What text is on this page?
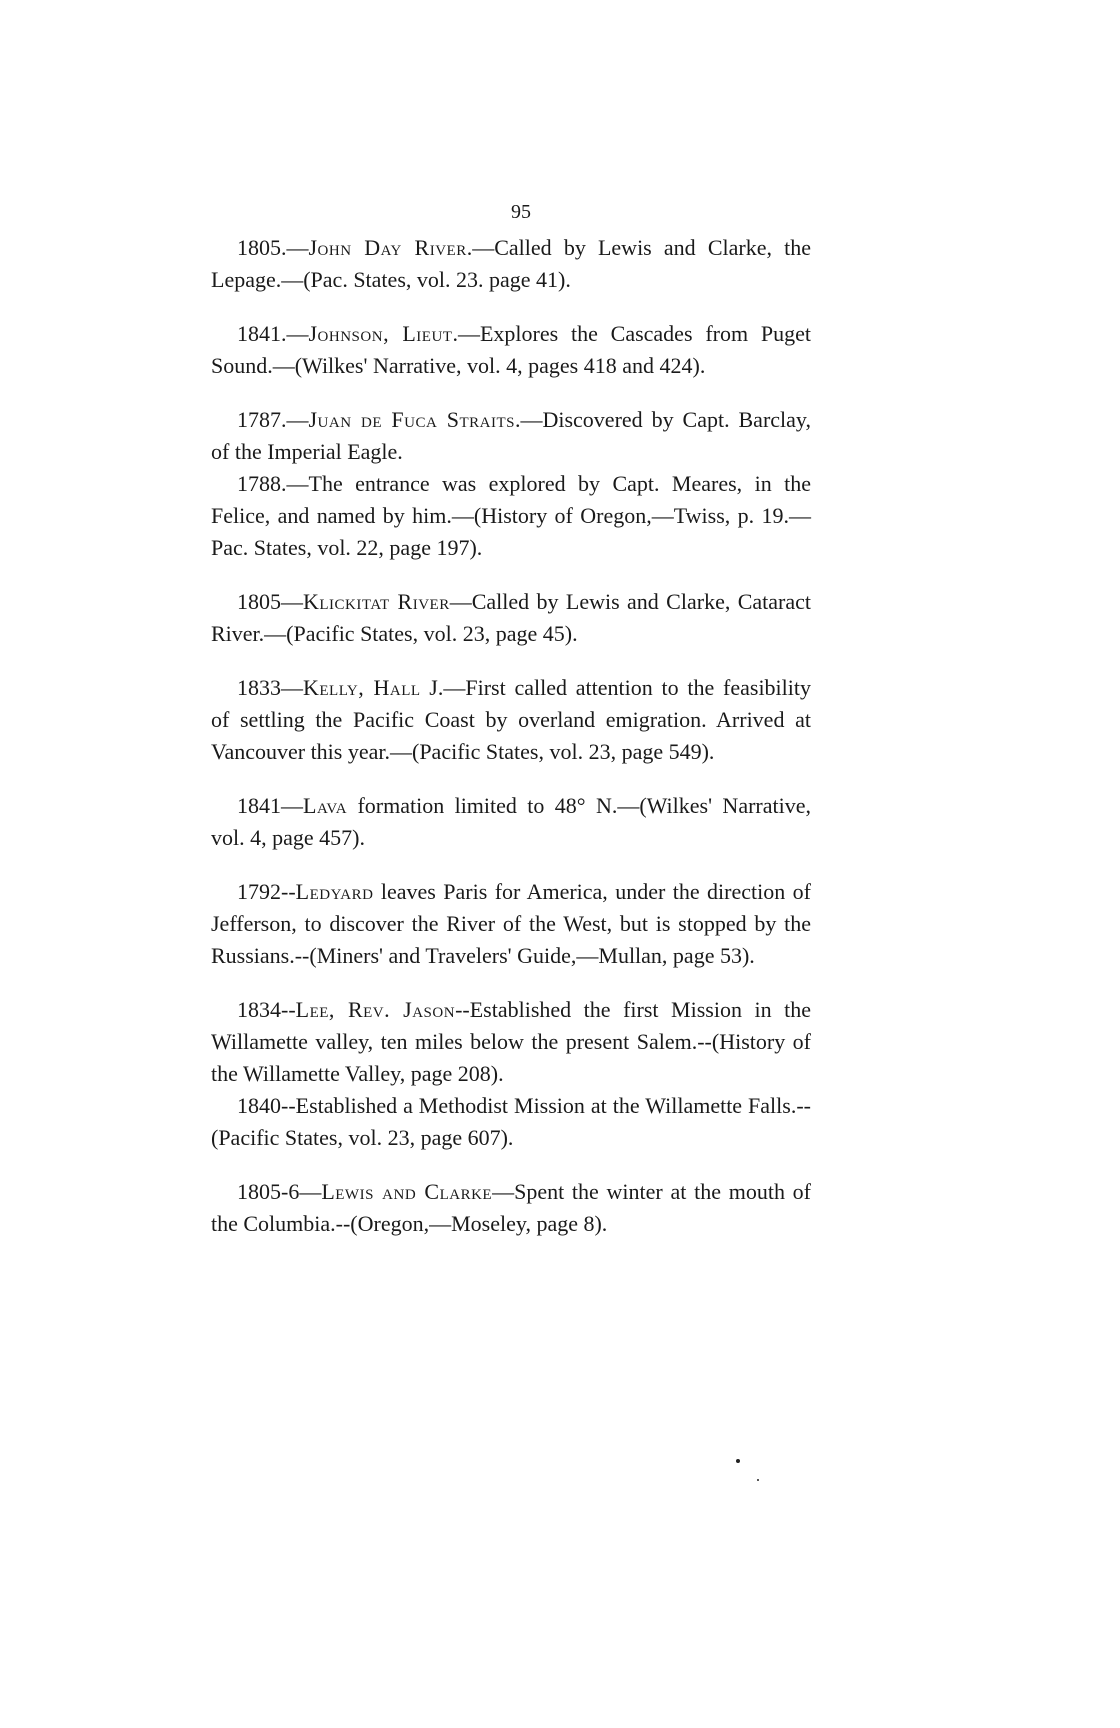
95

1805.—John Day River.—Called by Lewis and Clarke, the Lepage.—(Pac. States, vol. 23. page 41).

1841.—Johnson, Lieut.—Explores the Cascades from Puget Sound.—(Wilkes' Narrative, vol. 4, pages 418 and 424).

1787.—Juan de Fuca Straits.—Discovered by Capt. Barclay, of the Imperial Eagle.

1788.—The entrance was explored by Capt. Meares, in the Felice, and named by him.—(History of Oregon,—Twiss, p. 19.—Pac. States, vol. 22, page 197).

1805—Klickitat River—Called by Lewis and Clarke, Cataract River.—(Pacific States, vol. 23, page 45).

1833—Kelly, Hall J.—First called attention to the feasibility of settling the Pacific Coast by overland emigration. Arrived at Vancouver this year.—(Pacific States, vol. 23, page 549).

1841—Lava formation limited to 48° N.—(Wilkes' Narrative, vol. 4, page 457).

1792--Ledyard leaves Paris for America, under the direction of Jefferson, to discover the River of the West, but is stopped by the Russians.--(Miners' and Travelers' Guide,—Mullan, page 53).

1834--Lee, Rev. Jason--Established the first Mission in the Willamette valley, ten miles below the present Salem.--(History of the Willamette Valley, page 208).

1840--Established a Methodist Mission at the Willamette Falls.--(Pacific States, vol. 23, page 607).

1805-6—Lewis and Clarke—Spent the winter at the mouth of the Columbia.--(Oregon,—Moseley, page 8).
